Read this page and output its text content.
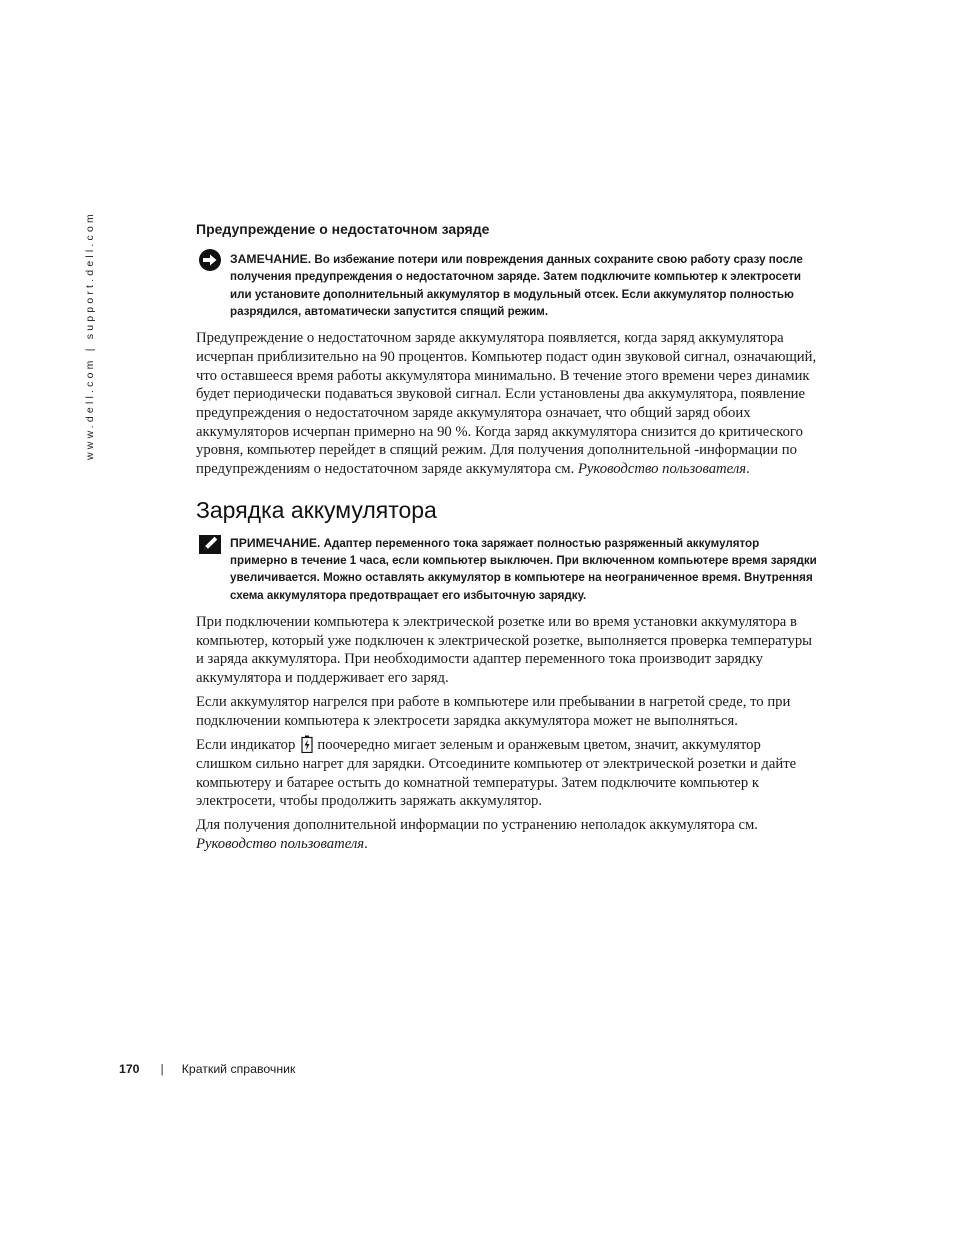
www.dell.com | support.dell.com	Предупреждение о недостаточном заряде
ЗАМЕЧАНИЕ. Во избежание потери или повреждения данных сохраните свою работу сразу после получения предупреждения о недостаточном заряде. Затем подключите компьютер к электросети или установите дополнительный аккумулятор в модульный отсек. Если аккумулятор полностью разрядился, автоматически запустится спящий режим.
Предупреждение о недостаточном заряде аккумулятора появляется, когда заряд аккумулятора исчерпан приблизительно на 90 процентов. Компьютер подаст один звуковой сигнал, означающий, что оставшееся время работы аккумулятора минимально. В течение этого времени через динамик будет периодически подаваться звуковой сигнал. Если установлены два аккумулятора, появление предупреждения о недостаточном заряде аккумулятора означает, что общий заряд обоих аккумуляторов исчерпан примерно на 90 %. Когда заряд аккумулятора снизится до критического уровня, компьютер перейдет в спящий режим. Для получения дополнительной -информации по предупреждениям о недостаточном заряде аккумулятора см. Руководство пользователя.
Зарядка аккумулятора
ПРИМЕЧАНИЕ. Адаптер переменного тока заряжает полностью разряженный аккумулятор примерно в течение 1 часа, если компьютер выключен. При включенном компьютере время зарядки увеличивается. Можно оставлять аккумулятор в компьютере на неограниченное время. Внутренняя схема аккумулятора предотвращает его избыточную зарядку.
При подключении компьютера к электрической розетке или во время установки аккумулятора в компьютер, который уже подключен к электрической розетке, выполняется проверка температуры и заряда аккумулятора. При необходимости адаптер переменного тока производит зарядку аккумулятора и поддерживает его заряд.
Если аккумулятор нагрелся при работе в компьютере или пребывании в нагретой среде, то при подключении компьютера к электросети зарядка аккумулятора может не выполняться.
Если индикатор поочередно мигает зеленым и оранжевым цветом, значит, аккумулятор слишком сильно нагрет для зарядки. Отсоедините компьютер от электрической розетки и дайте компьютеру и батарее остыть до комнатной температуры. Затем подключите компьютер к электросети, чтобы продолжить заряжать аккумулятор.
Для получения дополнительной информации по устранению неполадок аккумулятора см. Руководство пользователя.
170 | Краткий справочник
